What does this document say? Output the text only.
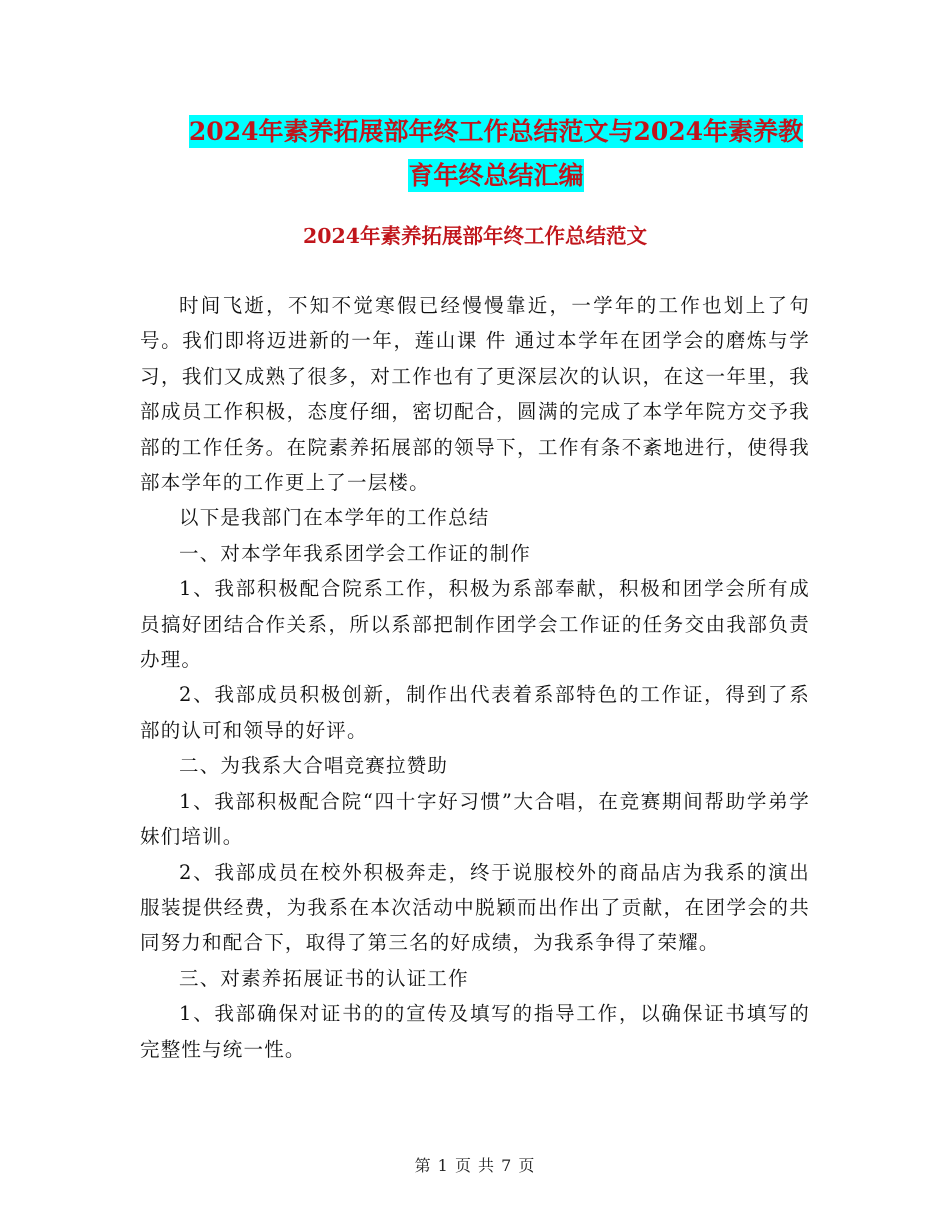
2024年素养拓展部年终工作总结范文与2024年素养教
育年终总结汇编
2024年素养拓展部年终工作总结范文

时间飞逝，不知不觉寒假已经慢慢靠近，一学年的工作也划上了句号。我们即将迈进新的一年，莲山课 件 通过本学年在团学会的磨炼与学习，我们又成熟了很多，对工作也有了更深层次的认识，在这一年里，我部成员工作积极，态度仔细，密切配合，圆满的完成了本学年院方交予我部的工作任务。在院素养拓展部的领导下，工作有条不紊地进行，使得我部本学年的工作更上了一层楼。

以下是我部门在本学年的工作总结

一、对本学年我系团学会工作证的制作

1、我部积极配合院系工作，积极为系部奉献，积极和团学会所有成员搞好团结合作关系，所以系部把制作团学会工作证的任务交由我部负责办理。

2、我部成员积极创新，制作出代表着系部特色的工作证，得到了系部的认可和领导的好评。

二、为我系大合唱竞赛拉赞助

1、我部积极配合院“四十字好习惯”大合唱，在竞赛期间帮助学弟学妹们培训。

2、我部成员在校外积极奔走，终于说服校外的商品店为我系的演出服装提供经费，为我系在本次活动中脱颖而出作出了贡献，在团学会的共同努力和配合下，取得了第三名的好成绩，为我系争得了荣耀。

三、对素养拓展证书的认证工作

1、我部确保对证书的的宣传及填写的指导工作，以确保证书填写的完整性与统一性。

第 1 页 共 7 页
